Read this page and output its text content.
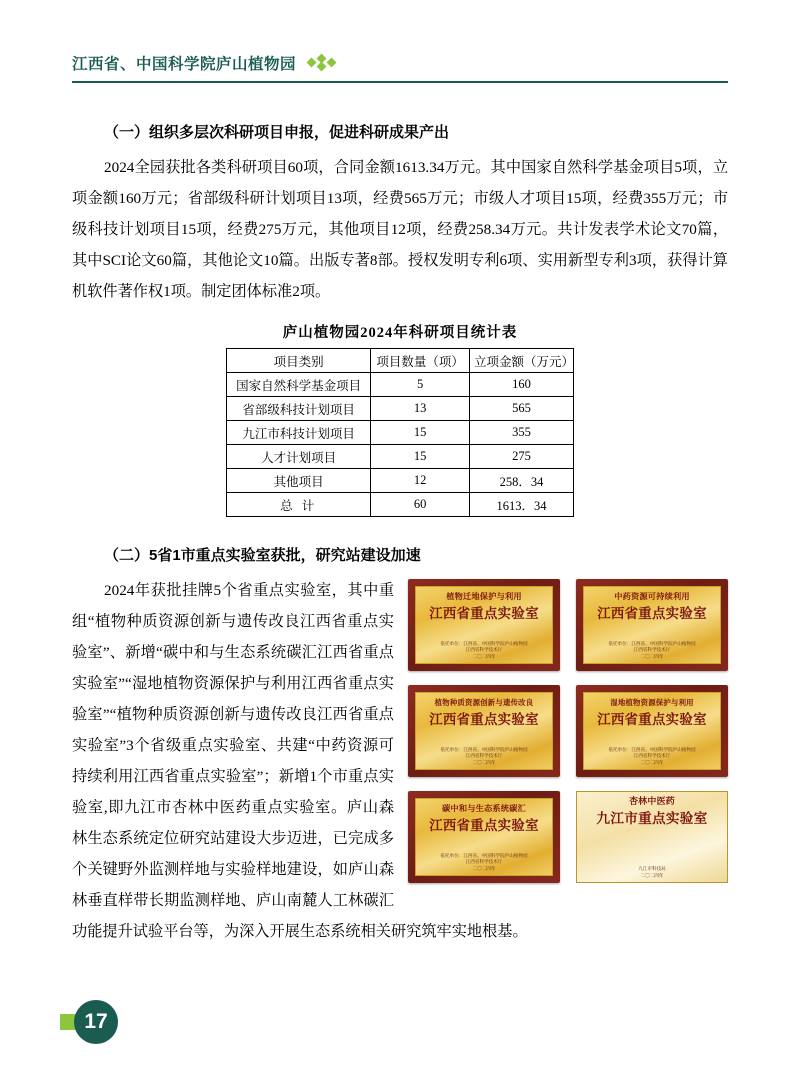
江西省、中国科学院庐山植物园
（一）组织多层次科研项目申报，促进科研成果产出

2024全园获批各类科研项目60项，合同金额1613.34万元。其中国家自然科学基金项目5项，立项金额160万元；省部级科研计划项目13项，经费565万元；市级人才项目15项，经费355万元；市级科技计划项目15项，经费275万元，其他项目12项，经费258.34万元。共计发表学术论文70篇，其中SCI论文60篇，其他论文10篇。出版专著8部。授权发明专利6项、实用新型专利3项，获得计算机软件著作权1项。制定团体标准2项。

庐山植物园2024年科研项目统计表
项目类别	项目数量（项）	立项金额（万元）
国家自然科学基金项目	5	160
省部级科技计划项目	13	565
九江市科技计划项目	15	355
人才计划项目	15	275
其他项目	12	258．34
总 计	60	1613．34
（二）5省1市重点实验室获批，研究站建设加速
植物迁地保护与利用
江西省重点实验室
依托单位：江西省、中国科学院庐山植物园
江西省科学技术厅
二〇二四年
中药资源可持续利用
江西省重点实验室
依托单位：江西省、中国科学院庐山植物园
江西省科学技术厅
二〇二四年
植物种质资源创新与遗传改良
江西省重点实验室
依托单位：江西省、中国科学院庐山植物园
江西省科学技术厅
二〇二四年
湿地植物资源保护与利用
江西省重点实验室
依托单位：江西省、中国科学院庐山植物园
江西省科学技术厅
二〇二四年
碳中和与生态系统碳汇
江西省重点实验室
依托单位：江西省、中国科学院庐山植物园
江西省科学技术厅
二〇二四年
杏林中医药
九江市重点实验室
九江市科技局
二〇二四年

2024年获批挂牌5个省重点实验室，其中重组“植物种质资源创新与遗传改良江西省重点实验室”、新增“碳中和与生态系统碳汇江西省重点实验室”“湿地植物资源保护与利用江西省重点实验室”“植物种质资源创新与遗传改良江西省重点实验室”3个省级重点实验室、共建“中药资源可持续利用江西省重点实验室”；新增1个市重点实验室,即九江市杏林中医药重点实验室。庐山森林生态系统定位研究站建设大步迈进，已完成多个关键野外监测样地与实验样地建设，如庐山森林垂直样带长期监测样地、庐山南麓人工林碳汇功能提升试验平台等，为深入开展生态系统相关研究筑牢实地根基。

17
